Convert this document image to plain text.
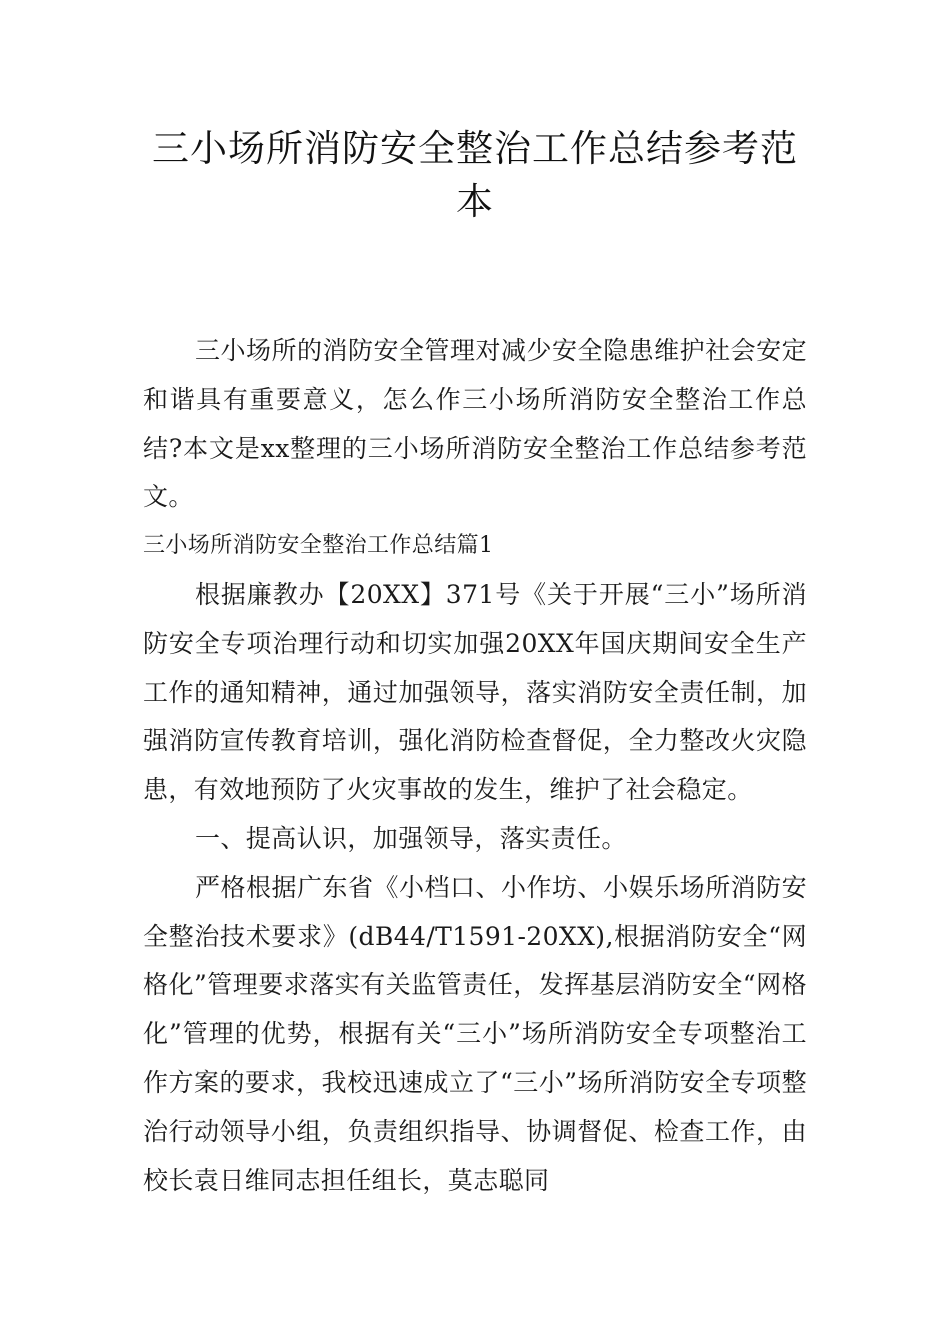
三小场所消防安全整治工作总结参考范本

三小场所的消防安全管理对减少安全隐患维护社会安定和谐具有重要意义，怎么作三小场所消防安全整治工作总结?本文是xx整理的三小场所消防安全整治工作总结参考范文。

三小场所消防安全整治工作总结篇1

根据廉教办【20XX】371号《关于开展“三小”场所消防安全专项治理行动和切实加强20XX年国庆期间安全生产工作的通知精神，通过加强领导，落实消防安全责任制，加强消防宣传教育培训，强化消防检查督促，全力整改火灾隐患，有效地预防了火灾事故的发生，维护了社会稳定。

一、提高认识，加强领导，落实责任。

严格根据广东省《小档口、小作坊、小娱乐场所消防安全整治技术要求》(dB44/T1591-20XX),根据消防安全“网格化”管理要求落实有关监管责任，发挥基层消防安全“网格化”管理的优势，根据有关“三小”场所消防安全专项整治工作方案的要求，我校迅速成立了“三小”场所消防安全专项整治行动领导小组，负责组织指导、协调督促、检查工作，由校长袁日维同志担任组长，莫志聪同
